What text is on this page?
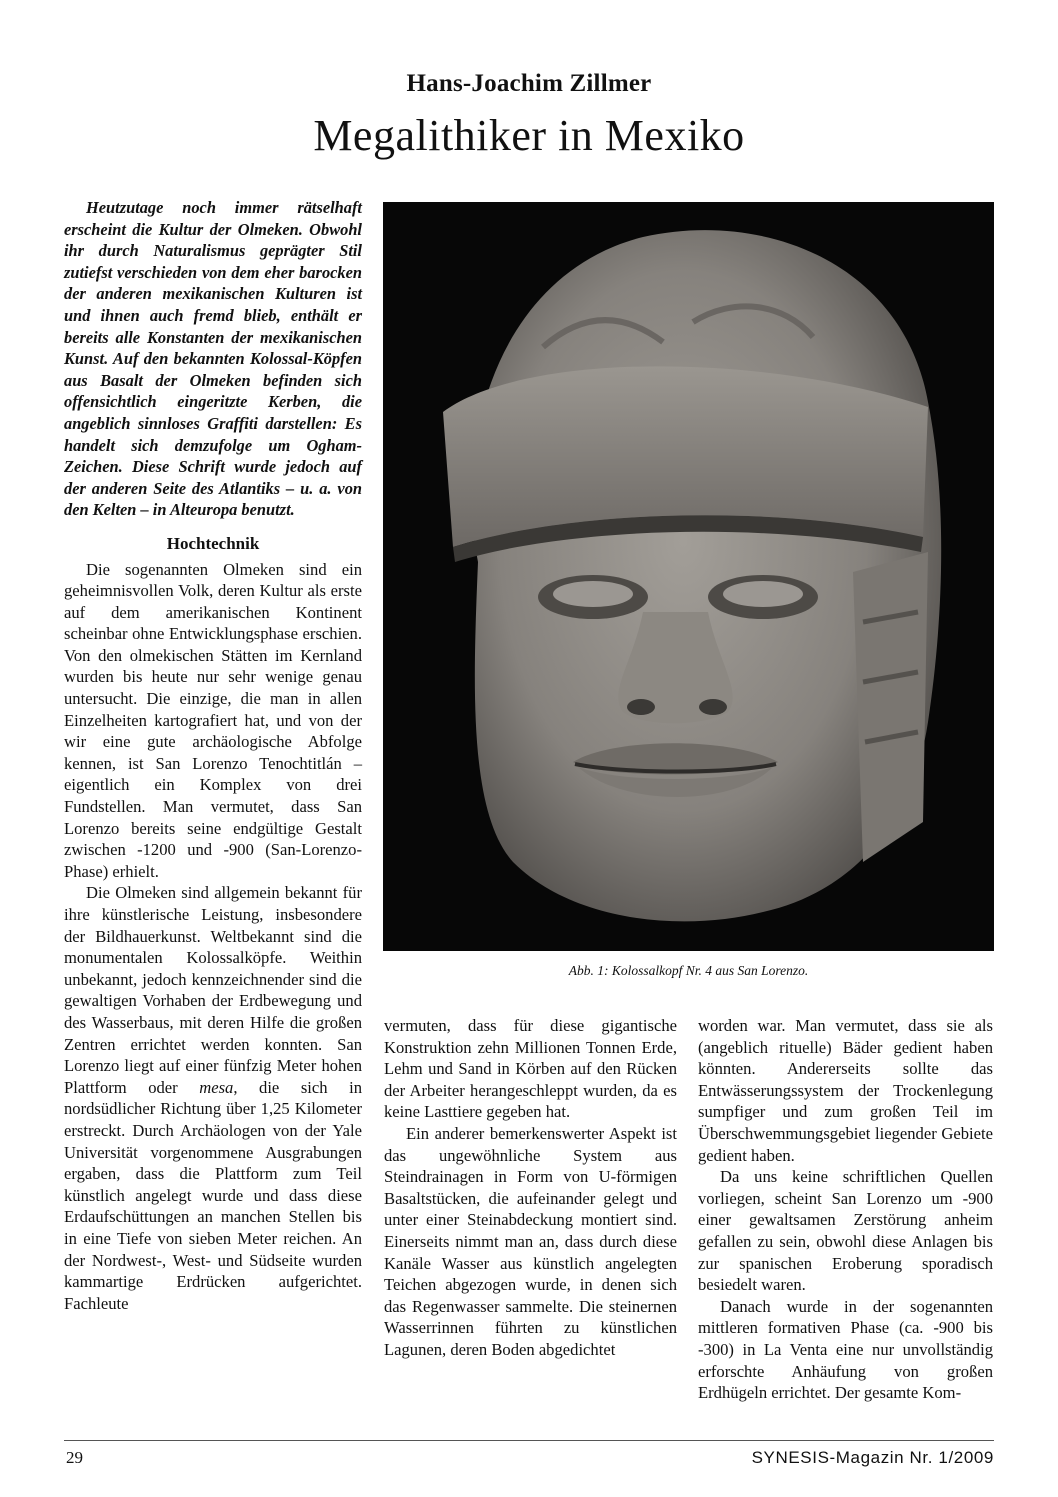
Hans-Joachim Zillmer
Megalithiker in Mexiko

Heutzutage noch immer rätselhaft erscheint die Kultur der Olmeken. Obwohl ihr durch Naturalismus geprägter Stil zutiefst verschieden von dem eher barocken der anderen mexikanischen Kulturen ist und ihnen auch fremd blieb, enthält er bereits alle Konstanten der mexikanischen Kunst. Auf den bekannten Kolossal-Köpfen aus Basalt der Olmeken befinden sich offensichtlich eingeritzte Kerben, die angeblich sinnloses Graffiti darstellen: Es handelt sich demzufolge um Ogham-Zeichen. Diese Schrift wurde jedoch auf der anderen Seite des Atlantiks – u. a. von den Kelten – in Alteuropa benutzt.

Hochtechnik

Die sogenannten Olmeken sind ein geheimnisvollen Volk, deren Kultur als erste auf dem amerikanischen Kontinent scheinbar ohne Entwicklungsphase erschien. Von den olmekischen Stätten im Kernland wurden bis heute nur sehr wenige genau untersucht. Die einzige, die man in allen Einzelheiten kartografiert hat, und von der wir eine gute archäologische Abfolge kennen, ist San Lorenzo Tenochtitlán – eigentlich ein Komplex von drei Fundstellen. Man vermutet, dass San Lorenzo bereits seine endgültige Gestalt zwischen -1200 und -900 (San-Lorenzo-Phase) erhielt.

Die Olmeken sind allgemein bekannt für ihre künstlerische Leistung, insbesondere der Bildhauerkunst. Weltbekannt sind die monumentalen Kolossalköpfe. Weithin unbekannt, jedoch kennzeichnender sind die gewaltigen Vorhaben der Erdbewegung und des Wasserbaus, mit deren Hilfe die großen Zentren errichtet werden konnten. San Lorenzo liegt auf einer fünfzig Meter hohen Plattform oder mesa, die sich in nordsüdlicher Richtung über 1,25 Kilometer erstreckt. Durch Archäologen von der Yale Universität vorgenommene Ausgrabungen ergaben, dass die Plattform zum Teil künstlich angelegt wurde und dass diese Erdaufschüttungen an manchen Stellen bis in eine Tiefe von sieben Meter reichen. An der Nordwest-, West- und Südseite wurden kammartige Erdrücken aufgerichtet. Fachleute

Abb. 1: Kolossalkopf Nr. 4 aus San Lorenzo.

vermuten, dass für diese gigantische Konstruktion zehn Millionen Tonnen Erde, Lehm und Sand in Körben auf den Rücken der Arbeiter herangeschleppt wurden, da es keine Lasttiere gegeben hat.

Ein anderer bemerkenswerter Aspekt ist das ungewöhnliche System aus Steindrainagen in Form von U-förmigen Basaltstücken, die aufeinander gelegt und unter einer Steinabdeckung montiert sind. Einerseits nimmt man an, dass durch diese Kanäle Wasser aus künstlich angelegten Teichen abgezogen wurde, in denen sich das Regenwasser sammelte. Die steinernen Wasserrinnen führten zu künstlichen Lagunen, deren Boden abgedichtet

worden war. Man vermutet, dass sie als (angeblich rituelle) Bäder gedient haben könnten. Andererseits sollte das Entwässerungssystem der Trockenlegung sumpfiger und zum großen Teil im Überschwemmungsgebiet liegender Gebiete gedient haben.

Da uns keine schriftlichen Quellen vorliegen, scheint San Lorenzo um -900 einer gewaltsamen Zerstörung anheim gefallen zu sein, obwohl diese Anlagen bis zur spanischen Eroberung sporadisch besiedelt waren.

Danach wurde in der sogenannten mittleren formativen Phase (ca. -900 bis -300) in La Venta eine nur unvollständig erforschte Anhäufung von großen Erdhügeln errichtet. Der gesamte Kom-

29	SYNESIS-Magazin Nr. 1/2009
